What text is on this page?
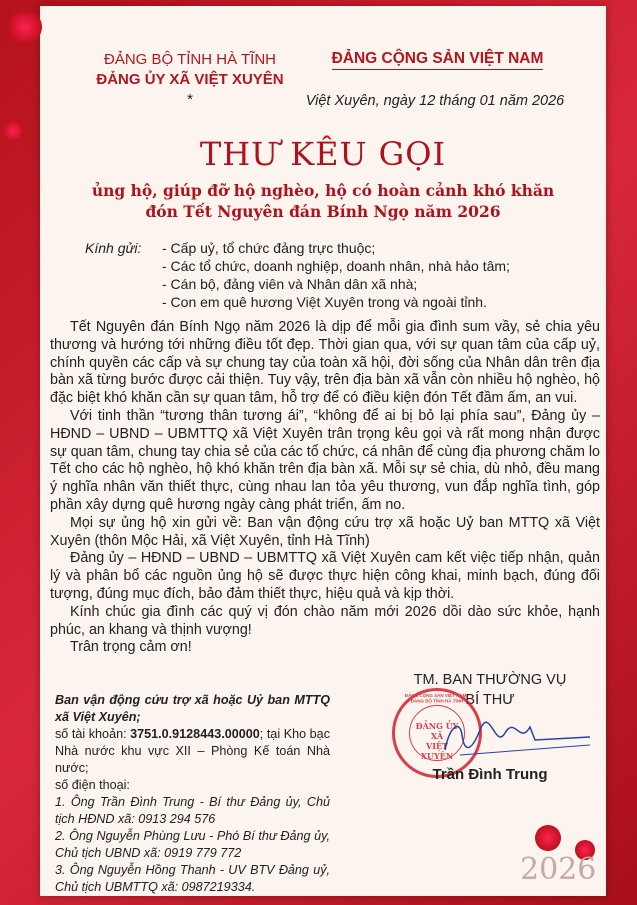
ĐẢNG BỘ TỈNH HÀ TĨNH
ĐẢNG ỦY XÃ VIỆT XUYÊN
*
ĐẢNG CỘNG SẢN VIỆT NAM
Việt Xuyên, ngày 12 tháng 01 năm 2026
THƯ KÊU GỌI
ủng hộ, giúp đỡ hộ nghèo, hộ có hoàn cảnh khó khăn
đón Tết Nguyên đán Bính Ngọ năm 2026
Kính gửi:	- Cấp uỷ, tổ chức đảng trực thuộc;
- Các tổ chức, doanh nghiệp, doanh nhân, nhà hảo tâm;
- Cán bộ, đảng viên và Nhân dân xã nhà;
- Con em quê hương Việt Xuyên trong và ngoài tỉnh.

Tết Nguyên đán Bính Ngọ năm 2026 là dịp để mỗi gia đình sum vầy, sẻ chia yêu thương và hướng tới những điều tốt đẹp. Thời gian qua, với sự quan tâm của cấp uỷ, chính quyền các cấp và sự chung tay của toàn xã hội, đời sống của Nhân dân trên địa bàn xã từng bước được cải thiện. Tuy vậy, trên địa bàn xã vẫn còn nhiều hộ nghèo, hộ đặc biệt khó khăn cần sự quan tâm, hỗ trợ để có điều kiện đón Tết đầm ấm, an vui.

Với tinh thần “tương thân tương ái”, “không để ai bị bỏ lại phía sau”, Đảng ủy – HĐND – UBND – UBMTTQ xã Việt Xuyên trân trọng kêu gọi và rất mong nhận được sự quan tâm, chung tay chia sẻ của các tổ chức, cá nhân để cùng địa phương chăm lo Tết cho các hộ nghèo, hộ khó khăn trên địa bàn xã. Mỗi sự sẻ chia, dù nhỏ, đều mang ý nghĩa nhân văn thiết thực, cùng nhau lan tỏa yêu thương, vun đắp nghĩa tình, góp phần xây dựng quê hương ngày càng phát triển, ấm no.

Mọi sự ủng hộ xin gửi về: Ban vận động cứu trợ xã hoặc Uỷ ban MTTQ xã Việt Xuyên (thôn Mộc Hải, xã Việt Xuyên, tỉnh Hà Tĩnh)

Đảng ủy – HĐND – UBND – UBMTTQ xã Việt Xuyên cam kết việc tiếp nhận, quản lý và phân bổ các nguồn ủng hộ sẽ được thực hiện công khai, minh bạch, đúng đối tượng, đúng mục đích, bảo đảm thiết thực, hiệu quả và kịp thời.

Kính chúc gia đình các quý vị đón chào năm mới 2026 dồi dào sức khỏe, hạnh phúc, an khang và thịnh vượng!

Trân trọng cảm ơn!

Ban vận động cứu trợ xã hoặc Uỷ ban MTTQ xã Việt Xuyên;
số tài khoản: 3751.0.9128443.00000; tại Kho bạc Nhà nước khu vực XII – Phòng Kế toán Nhà nước;
số điện thoại:
1. Ông Trần Đình Trung - Bí thư Đảng ủy, Chủ tịch HĐND xã: 0913 294 576
2. Ông Nguyễn Phùng Lưu - Phó Bí thư Đảng ủy, Chủ tịch UBND xã: 0919 779 772
3. Ông Nguyễn Hồng Thanh - UV BTV Đảng uỷ, Chủ tịch UBMTTQ xã: 0987219334.
TM. BAN THƯỜNG VỤ
BÍ THƯ
ĐẢNG ỦY
XÃ
VIỆT XUYÊN
ĐẢNG CỘNG SẢN VIỆT NAM · ĐẢNG BỘ TỈNH HÀ TĨNH
Trần Đình Trung
2026
